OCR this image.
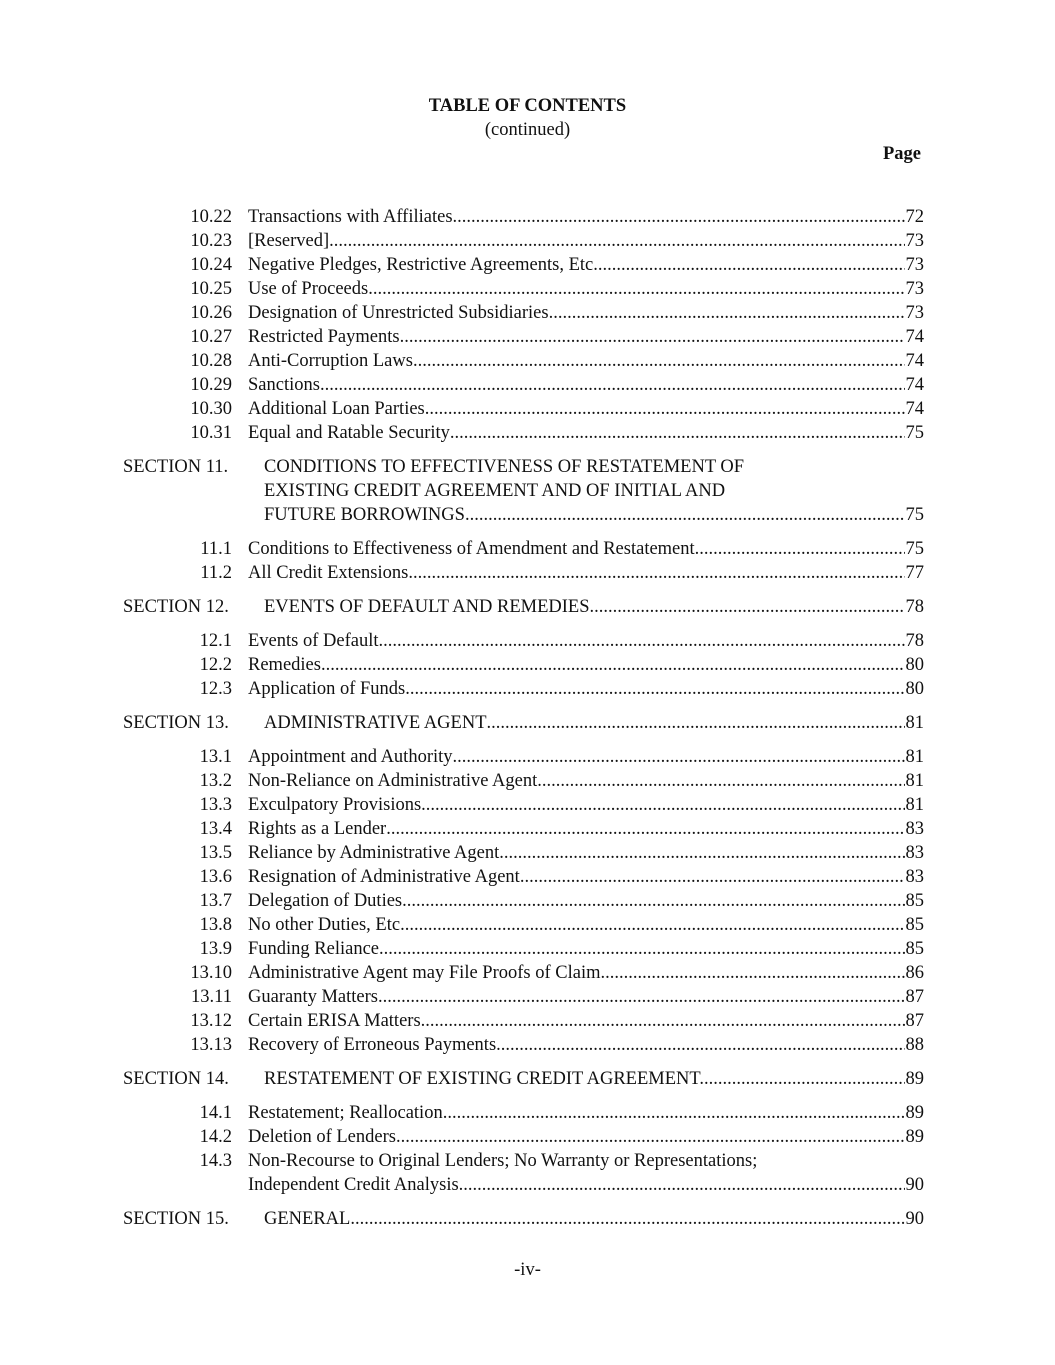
TABLE OF CONTENTS
(continued)
Page
10.22 Transactions with Affiliates .....	72
10.23 [Reserved]. .....	73
10.24 Negative Pledges, Restrictive Agreements, Etc .....	73
10.25 Use of Proceeds .....	73
10.26 Designation of Unrestricted Subsidiaries .....	73
10.27 Restricted Payments .....	74
10.28 Anti-Corruption Laws .....	74
10.29 Sanctions .....	74
10.30 Additional Loan Parties .....	74
10.31 Equal and Ratable Security .....	75
SECTION 11. CONDITIONS TO EFFECTIVENESS OF RESTATEMENT OF
EXISTING CREDIT AGREEMENT AND OF INITIAL AND
FUTURE BORROWINGS. .....	75
11.1 Conditions to Effectiveness of Amendment and Restatement .....	75
11.2 All Credit Extensions .....	77
SECTION 12. EVENTS OF DEFAULT AND REMEDIES. .....	78
12.1 Events of Default .....	78
12.2 Remedies .....	80
12.3 Application of Funds .....	80
SECTION 13. ADMINISTRATIVE AGENT .....	81
13.1 Appointment and Authority .....	81
13.2 Non-Reliance on Administrative Agent .....	81
13.3 Exculpatory Provisions .....	81
13.4 Rights as a Lender .....	83
13.5 Reliance by Administrative Agent .....	83
13.6 Resignation of Administrative Agent .....	83
13.7 Delegation of Duties .....	85
13.8 No other Duties, Etc .....	85
13.9 Funding Reliance. .....	85
13.10 Administrative Agent may File Proofs of Claim .....	86
13.11 Guaranty Matters .....	87
13.12 Certain ERISA Matters. .....	87
13.13 Recovery of Erroneous Payments .....	88
SECTION 14. RESTATEMENT OF EXISTING CREDIT AGREEMENT. .....	89
14.1 Restatement; Reallocation. .....	89
14.2 Deletion of Lenders .....	89
14.3 Non-Recourse to Original Lenders; No Warranty or Representations;
Independent Credit Analysis .....	90
SECTION 15. GENERAL. .....	90
-iv-
